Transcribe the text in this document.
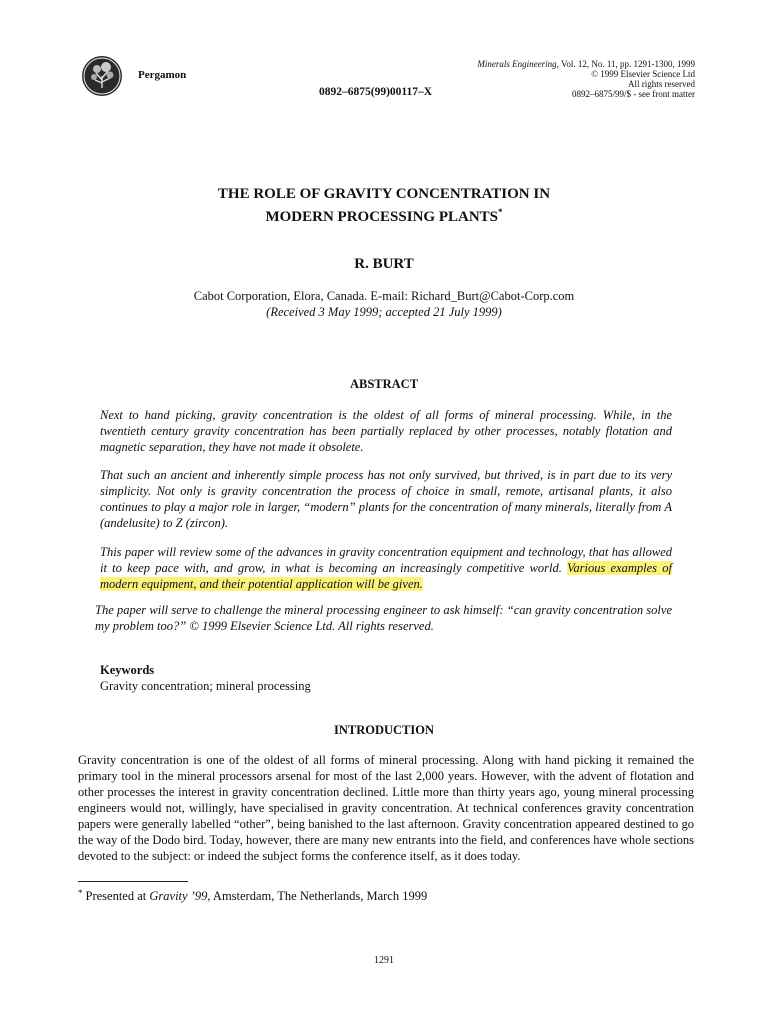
Pergamon
0892–6875(99)00117–X
Minerals Engineering, Vol. 12, No. 11, pp. 1291-1300, 1999
© 1999 Elsevier Science Ltd
All rights reserved
0892–6875/99/$ - see front matter
THE ROLE OF GRAVITY CONCENTRATION IN
MODERN PROCESSING PLANTS*
R. BURT
Cabot Corporation, Elora, Canada. E-mail: Richard_Burt@Cabot-Corp.com
(Received 3 May 1999; accepted 21 July 1999)
ABSTRACT
Next to hand picking, gravity concentration is the oldest of all forms of mineral processing. While, in the twentieth century gravity concentration has been partially replaced by other processes, notably flotation and magnetic separation, they have not made it obsolete.
That such an ancient and inherently simple process has not only survived, but thrived, is in part due to its very simplicity. Not only is gravity concentration the process of choice in small, remote, artisanal plants, it also continues to play a major role in larger, “modern” plants for the concentration of many minerals, literally from A (andelusite) to Z (zircon).
This paper will review some of the advances in gravity concentration equipment and technology, that has allowed it to keep pace with, and grow, in what is becoming an increasingly competitive world. Various examples of modern equipment, and their potential application will be given.
The paper will serve to challenge the mineral processing engineer to ask himself: “can gravity concentration solve my problem too?” © 1999 Elsevier Science Ltd. All rights reserved.
Keywords
Gravity concentration; mineral processing
INTRODUCTION
Gravity concentration is one of the oldest of all forms of mineral processing. Along with hand picking it remained the primary tool in the mineral processors arsenal for most of the last 2,000 years. However, with the advent of flotation and other processes the interest in gravity concentration declined. Little more than thirty years ago, young mineral processing engineers would not, willingly, have specialised in gravity concentration. At technical conferences gravity concentration papers were generally labelled “other”, being banished to the last afternoon. Gravity concentration appeared destined to go the way of the Dodo bird. Today, however, there are many new entrants into the field, and conferences have whole sections devoted to the subject: or indeed the subject forms the conference itself, as it does today.
* Presented at Gravity ’99, Amsterdam, The Netherlands, March 1999
1291
